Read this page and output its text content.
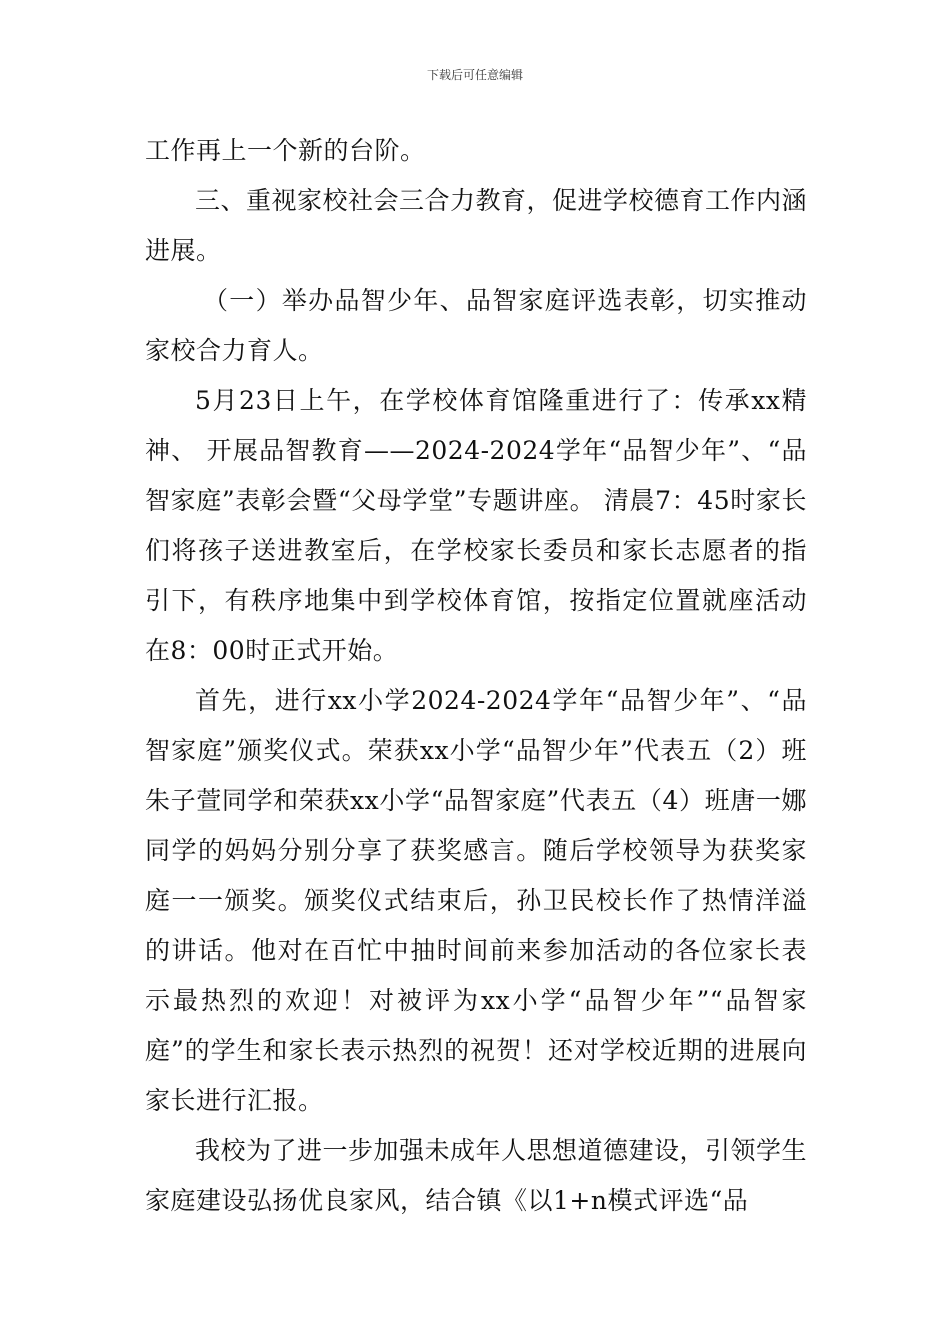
下载后可任意编辑

工作再上一个新的台阶。

三、重视家校社会三合力教育，促进学校德育工作内涵进展。

（一）举办品智少年、品智家庭评选表彰，切实推动家校合力育人。

5月23日上午，在学校体育馆隆重进行了：传承xx精神、 开展品智教育——2024-2024学年“品智少年”、“品智家庭”表彰会暨“父母学堂”专题讲座。 清晨7：45时家长们将孩子送进教室后，在学校家长委员和家长志愿者的指引下，有秩序地集中到学校体育馆，按指定位置就座活动在8：00时正式开始。

首先，进行xx小学2024-2024学年“品智少年”、“品智家庭”颁奖仪式。荣获xx小学“品智少年”代表五（2）班朱子萱同学和荣获xx小学“品智家庭”代表五（4）班唐一娜同学的妈妈分别分享了获奖感言。随后学校领导为获奖家庭一一颁奖。颁奖仪式结束后，孙卫民校长作了热情洋溢的讲话。他对在百忙中抽时间前来参加活动的各位家长表示最热烈的欢迎！对被评为xx小学“品智少年”“品智家庭”的学生和家长表示热烈的祝贺！还对学校近期的进展向家长进行汇报。

我校为了进一步加强未成年人思想道德建设，引领学生家庭建设弘扬优良家风，结合镇《以1+n模式评选“品
